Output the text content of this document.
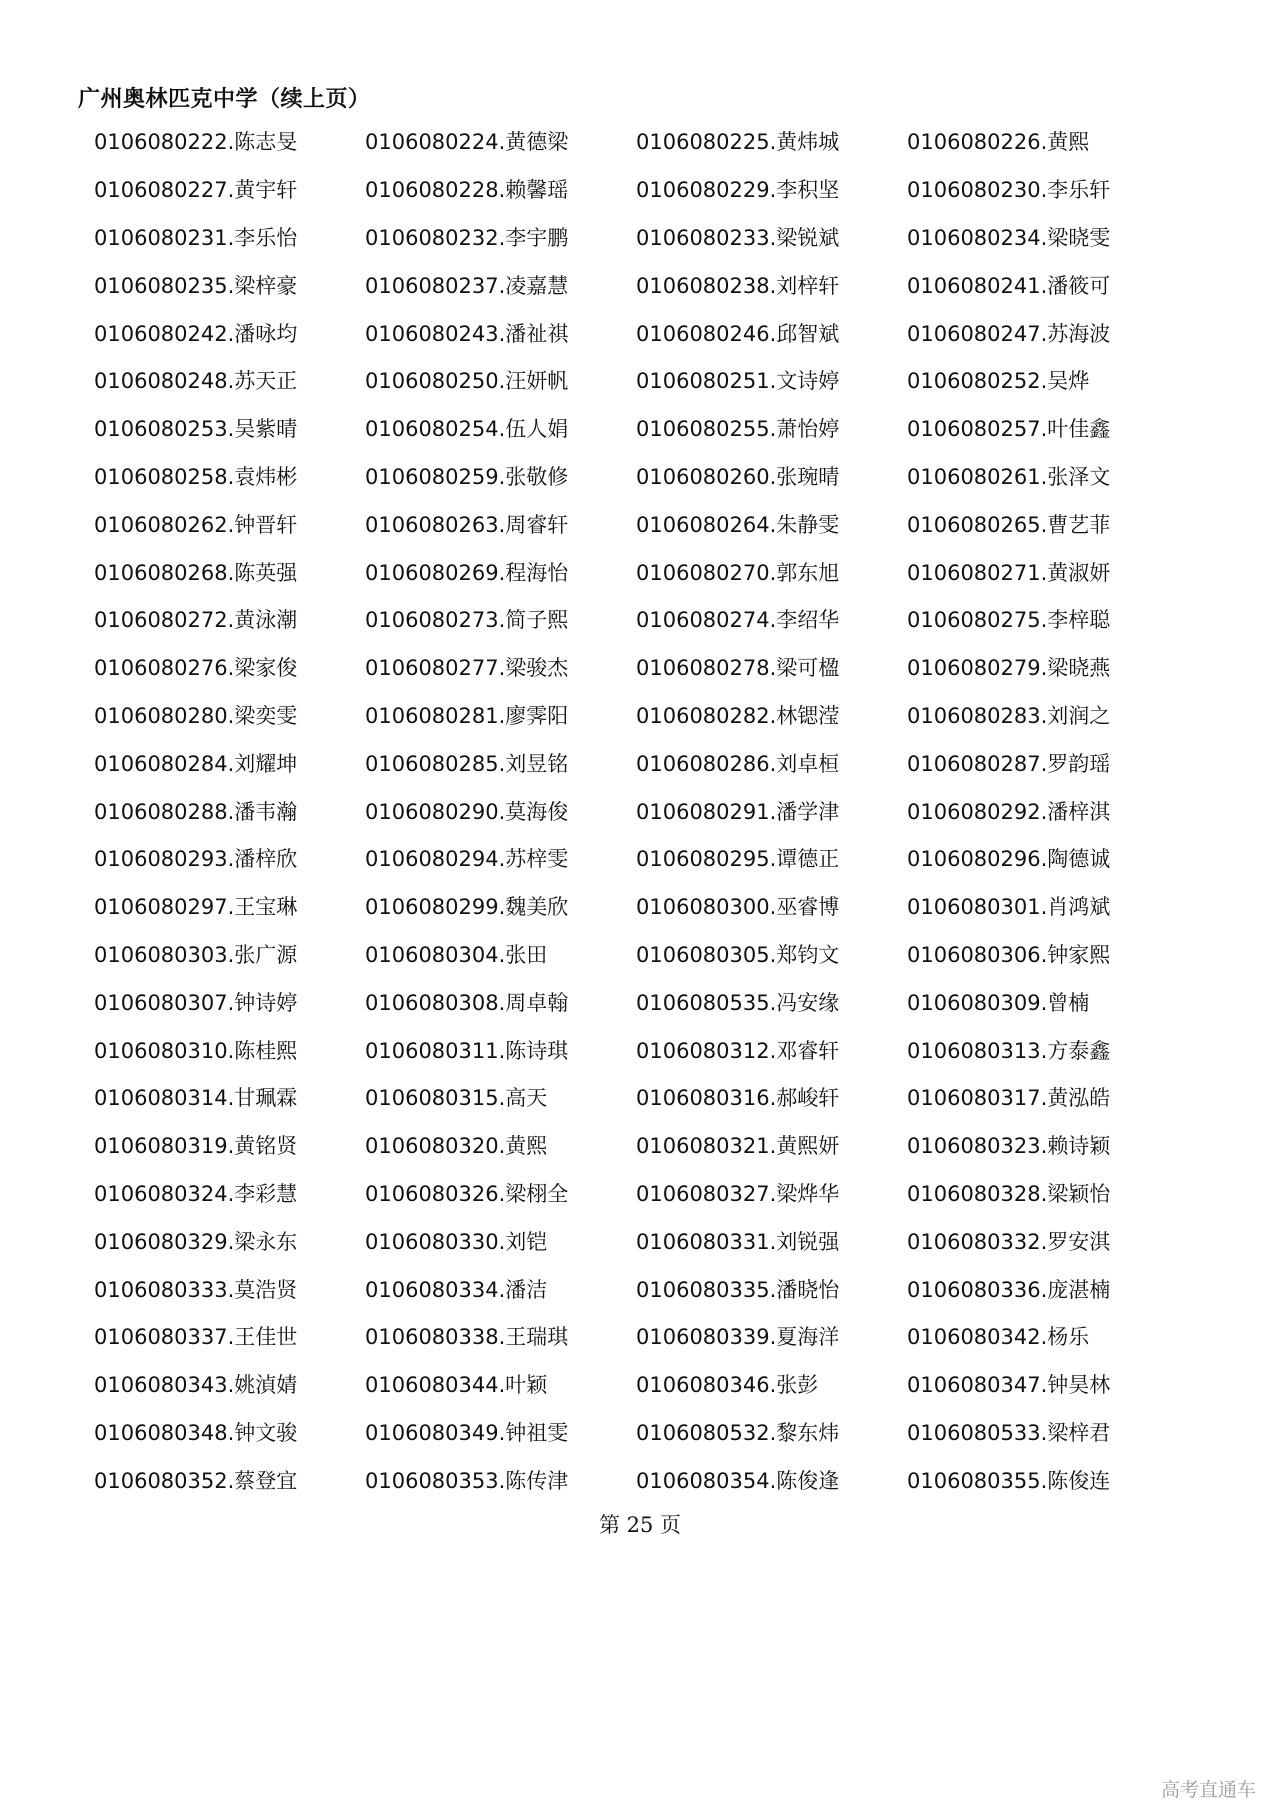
广州奥林匹克中学（续上页）
0106080222.陈志旻	0106080224.黄德梁	0106080225.黄炜城	0106080226.黄熙
0106080227.黄宇轩	0106080228.赖馨瑶	0106080229.李积坚	0106080230.李乐轩
0106080231.李乐怡	0106080232.李宇鹏	0106080233.梁锐斌	0106080234.梁晓雯
0106080235.梁梓豪	0106080237.凌嘉慧	0106080238.刘梓轩	0106080241.潘筱可
0106080242.潘咏均	0106080243.潘祉祺	0106080246.邱智斌	0106080247.苏海波
0106080248.苏天正	0106080250.汪妍帆	0106080251.文诗婷	0106080252.吴烨
0106080253.吴紫晴	0106080254.伍人娟	0106080255.萧怡婷	0106080257.叶佳鑫
0106080258.袁炜彬	0106080259.张敬修	0106080260.张琬晴	0106080261.张泽文
0106080262.钟晋轩	0106080263.周睿轩	0106080264.朱静雯	0106080265.曹艺菲
0106080268.陈英强	0106080269.程海怡	0106080270.郭东旭	0106080271.黄淑妍
0106080272.黄泳潮	0106080273.简子熙	0106080274.李绍华	0106080275.李梓聪
0106080276.梁家俊	0106080277.梁骏杰	0106080278.梁可楹	0106080279.梁晓燕
0106080280.梁奕雯	0106080281.廖霁阳	0106080282.林锶滢	0106080283.刘润之
0106080284.刘耀坤	0106080285.刘昱铭	0106080286.刘卓桓	0106080287.罗韵瑶
0106080288.潘韦瀚	0106080290.莫海俊	0106080291.潘学津	0106080292.潘梓淇
0106080293.潘梓欣	0106080294.苏梓雯	0106080295.谭德正	0106080296.陶德诚
0106080297.王宝琳	0106080299.魏美欣	0106080300.巫睿博	0106080301.肖鸿斌
0106080303.张广源	0106080304.张田	0106080305.郑钧文	0106080306.钟家熙
0106080307.钟诗婷	0106080308.周卓翰	0106080535.冯安缘	0106080309.曾楠
0106080310.陈桂熙	0106080311.陈诗琪	0106080312.邓睿轩	0106080313.方泰鑫
0106080314.甘珮霖	0106080315.高天	0106080316.郝峻轩	0106080317.黄泓皓
0106080319.黄铭贤	0106080320.黄熙	0106080321.黄熙妍	0106080323.赖诗颖
0106080324.李彩慧	0106080326.梁栩全	0106080327.梁烨华	0106080328.梁颖怡
0106080329.梁永东	0106080330.刘铠	0106080331.刘锐强	0106080332.罗安淇
0106080333.莫浩贤	0106080334.潘洁	0106080335.潘晓怡	0106080336.庞湛楠
0106080337.王佳世	0106080338.王瑞琪	0106080339.夏海洋	0106080342.杨乐
0106080343.姚湞婧	0106080344.叶颖	0106080346.张彭	0106080347.钟昊林
0106080348.钟文骏	0106080349.钟祖雯	0106080532.黎东炜	0106080533.梁梓君
0106080352.蔡登宜	0106080353.陈传津	0106080354.陈俊逢	0106080355.陈俊连
第 25 页
高考直通车
